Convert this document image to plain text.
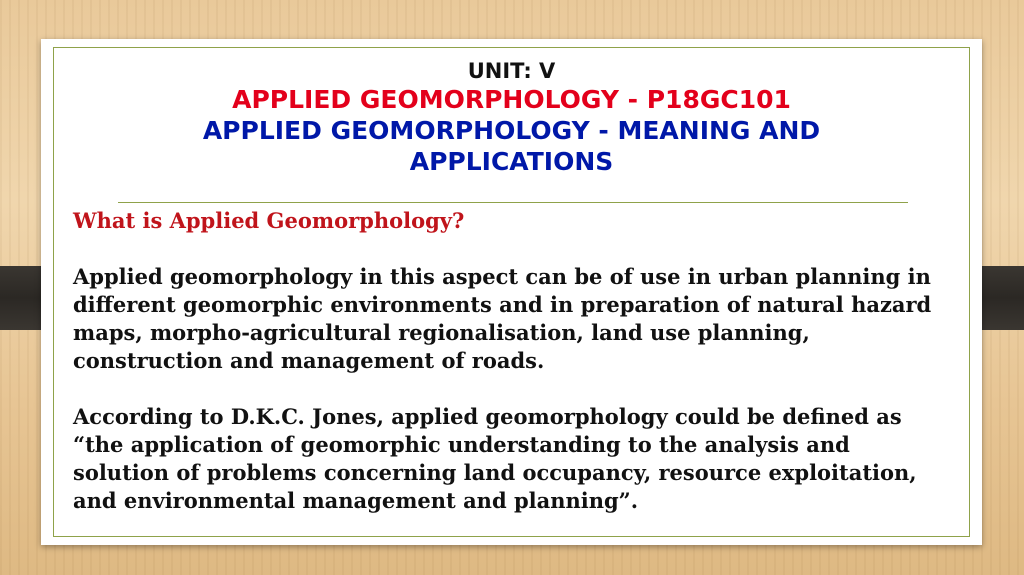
UNIT: V
APPLIED GEOMORPHOLOGY - P18GC101
APPLIED GEOMORPHOLOGY - MEANING AND APPLICATIONS

What is Applied Geomorphology?

Applied geomorphology in this aspect can be of use in urban planning in different geomorphic environments and in preparation of natural hazard maps, morpho-agricultural regionalisation, land use planning, construction and management of roads.

According to D.K.C. Jones, applied geomorphology could be defined as “the application of geomorphic understanding to the analysis and solution of problems concerning land occupancy, resource exploitation, and environmental management and planning”.
